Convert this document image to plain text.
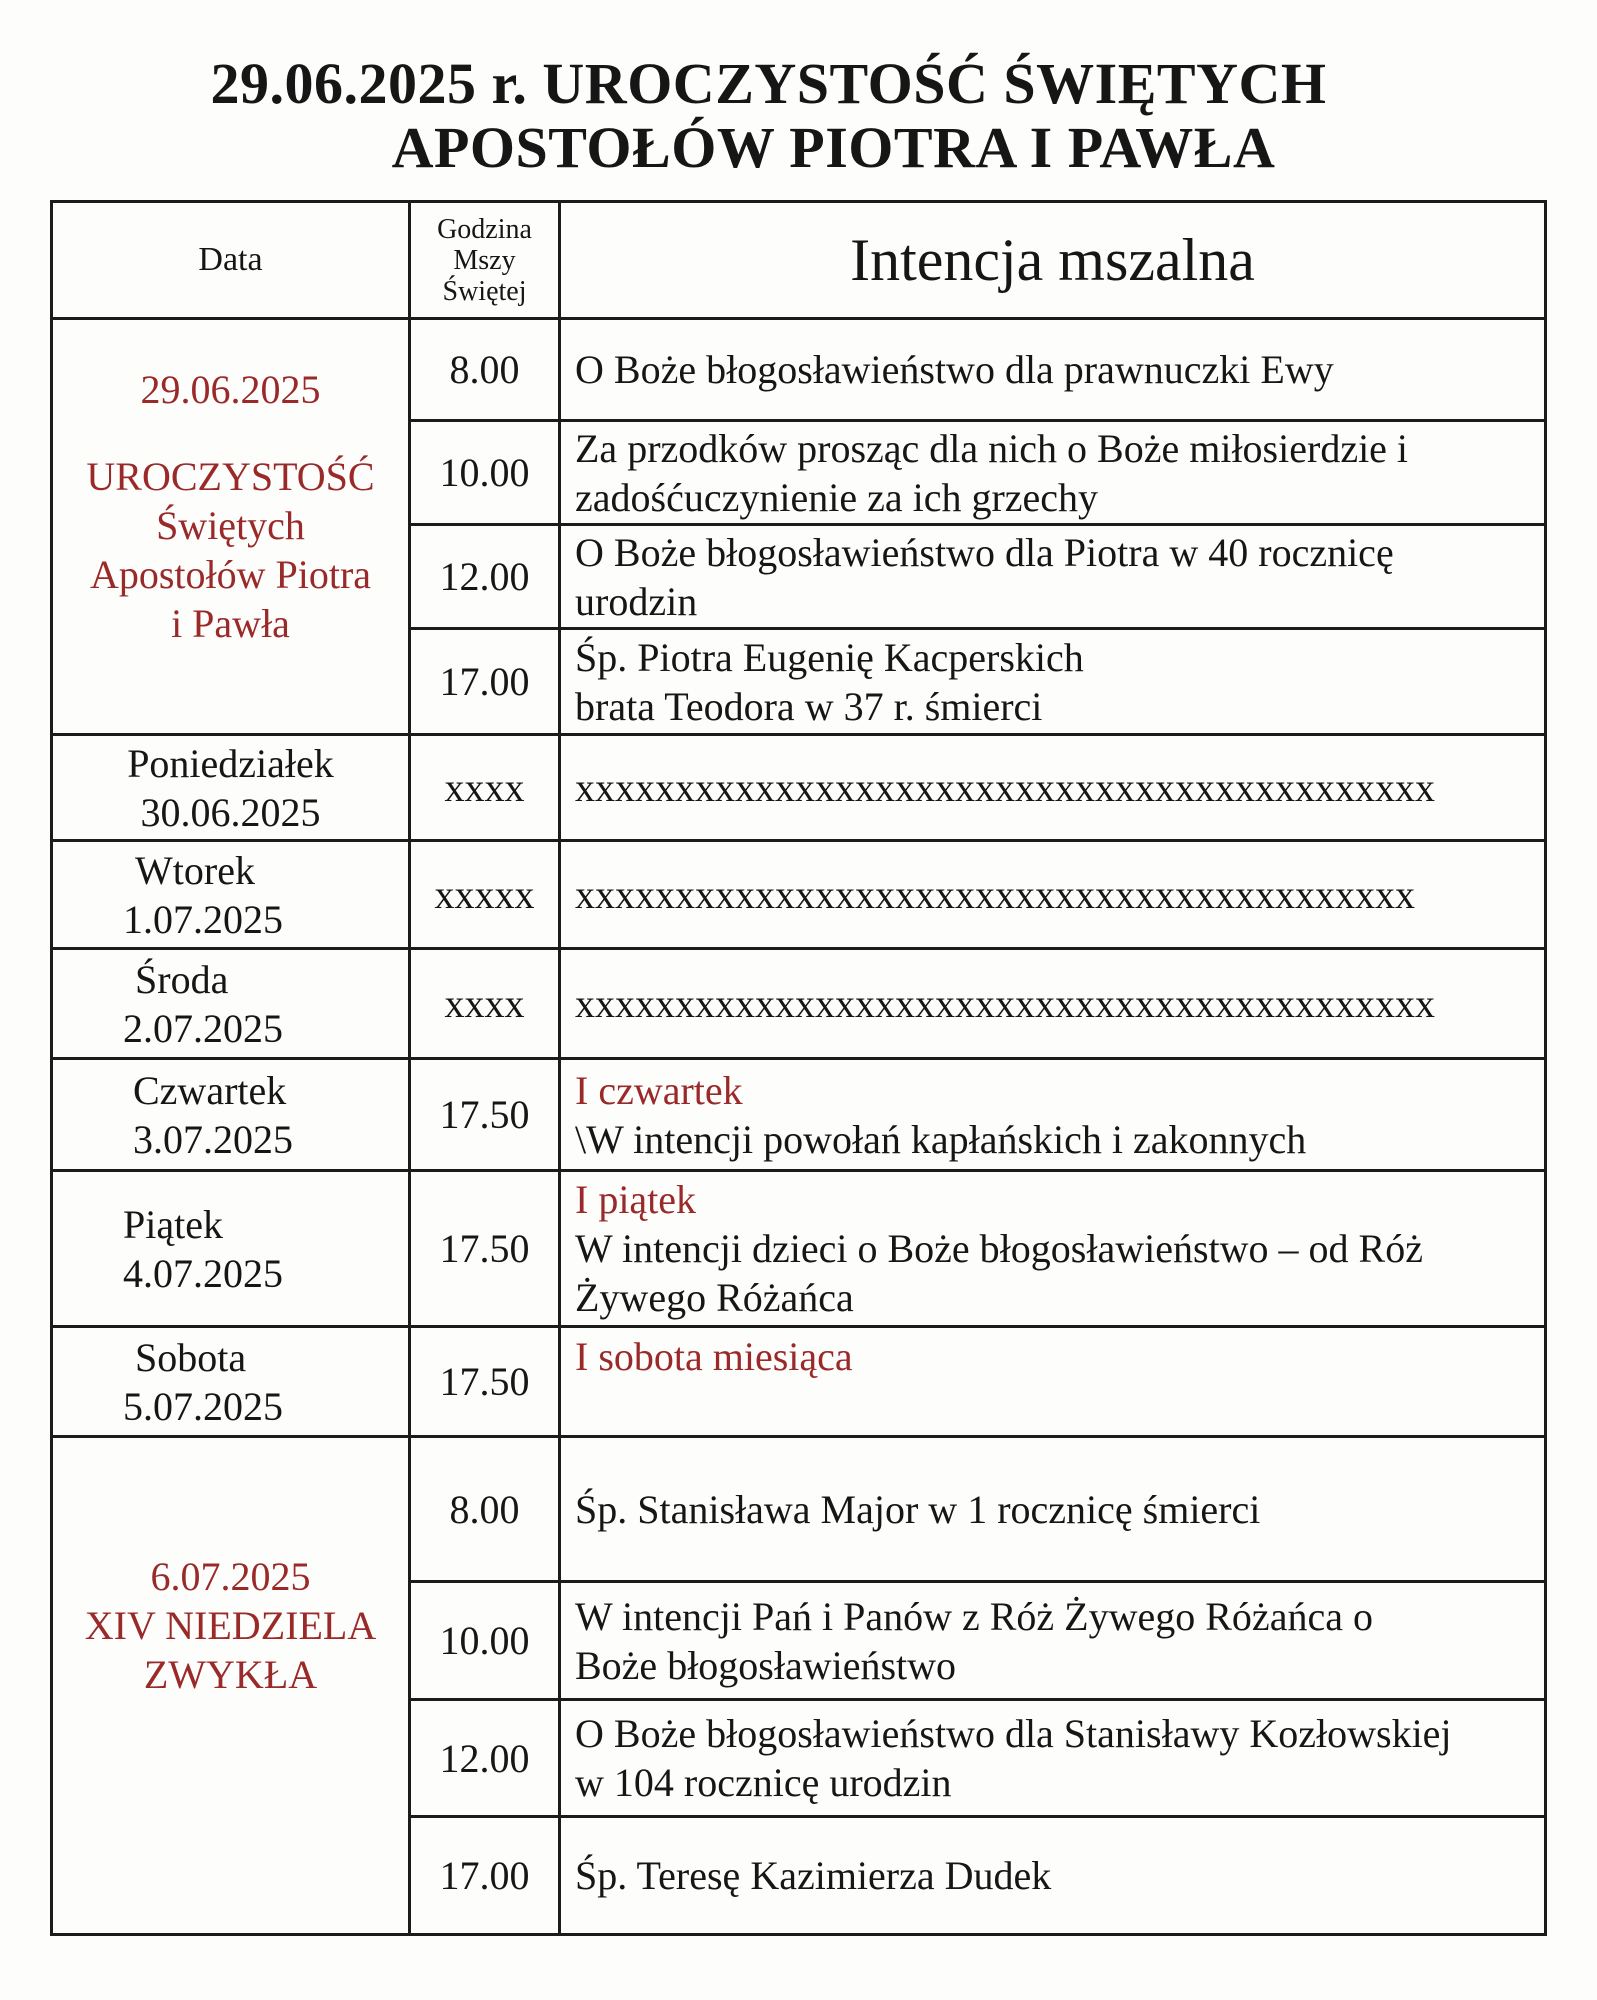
29.06.2025 r. UROCZYSTOŚĆ ŚWIĘTYCH
APOSTOŁÓW PIOTRA I PAWŁA
Data	Godzina
Mszy
Świętej	Intencja mszalna
29.06.2025
UROCZYSTOŚĆ
Świętych
Apostołów Piotra
i Pawła	8.00	O Boże błogosławieństwo dla prawnuczki Ewy
	10.00	Za przodków prosząc dla nich o Boże miłosierdzie i
zadośćuczynienie za ich grzechy
	12.00	O Boże błogosławieństwo dla Piotra w 40 rocznicę
urodzin
	17.00	Śp. Piotra Eugenię Kacperskich
brata Teodora w 37 r. śmierci
Poniedziałek
30.06.2025	xxxx	xxxxxxxxxxxxxxxxxxxxxxxxxxxxxxxxxxxxxxxxxxx
Wtorek
1.07.2025	xxxxx	xxxxxxxxxxxxxxxxxxxxxxxxxxxxxxxxxxxxxxxxxx
Środa
2.07.2025	xxxx	xxxxxxxxxxxxxxxxxxxxxxxxxxxxxxxxxxxxxxxxxxx
Czwartek
3.07.2025	17.50	I czwartek
\W intencji powołań kapłańskich i zakonnych
Piątek
4.07.2025	17.50	I piątek
W intencji dzieci o Boże błogosławieństwo – od Róż
Żywego Różańca
Sobota
5.07.2025	17.50	I sobota miesiąca
6.07.2025
XIV NIEDZIELA
ZWYKŁA	8.00	Śp. Stanisława Major w 1 rocznicę śmierci
	10.00	W intencji Pań i Panów z Róż Żywego Różańca o
Boże błogosławieństwo
	12.00	O Boże błogosławieństwo dla Stanisławy Kozłowskiej
w 104 rocznicę urodzin
	17.00	Śp. Teresę Kazimierza Dudek
